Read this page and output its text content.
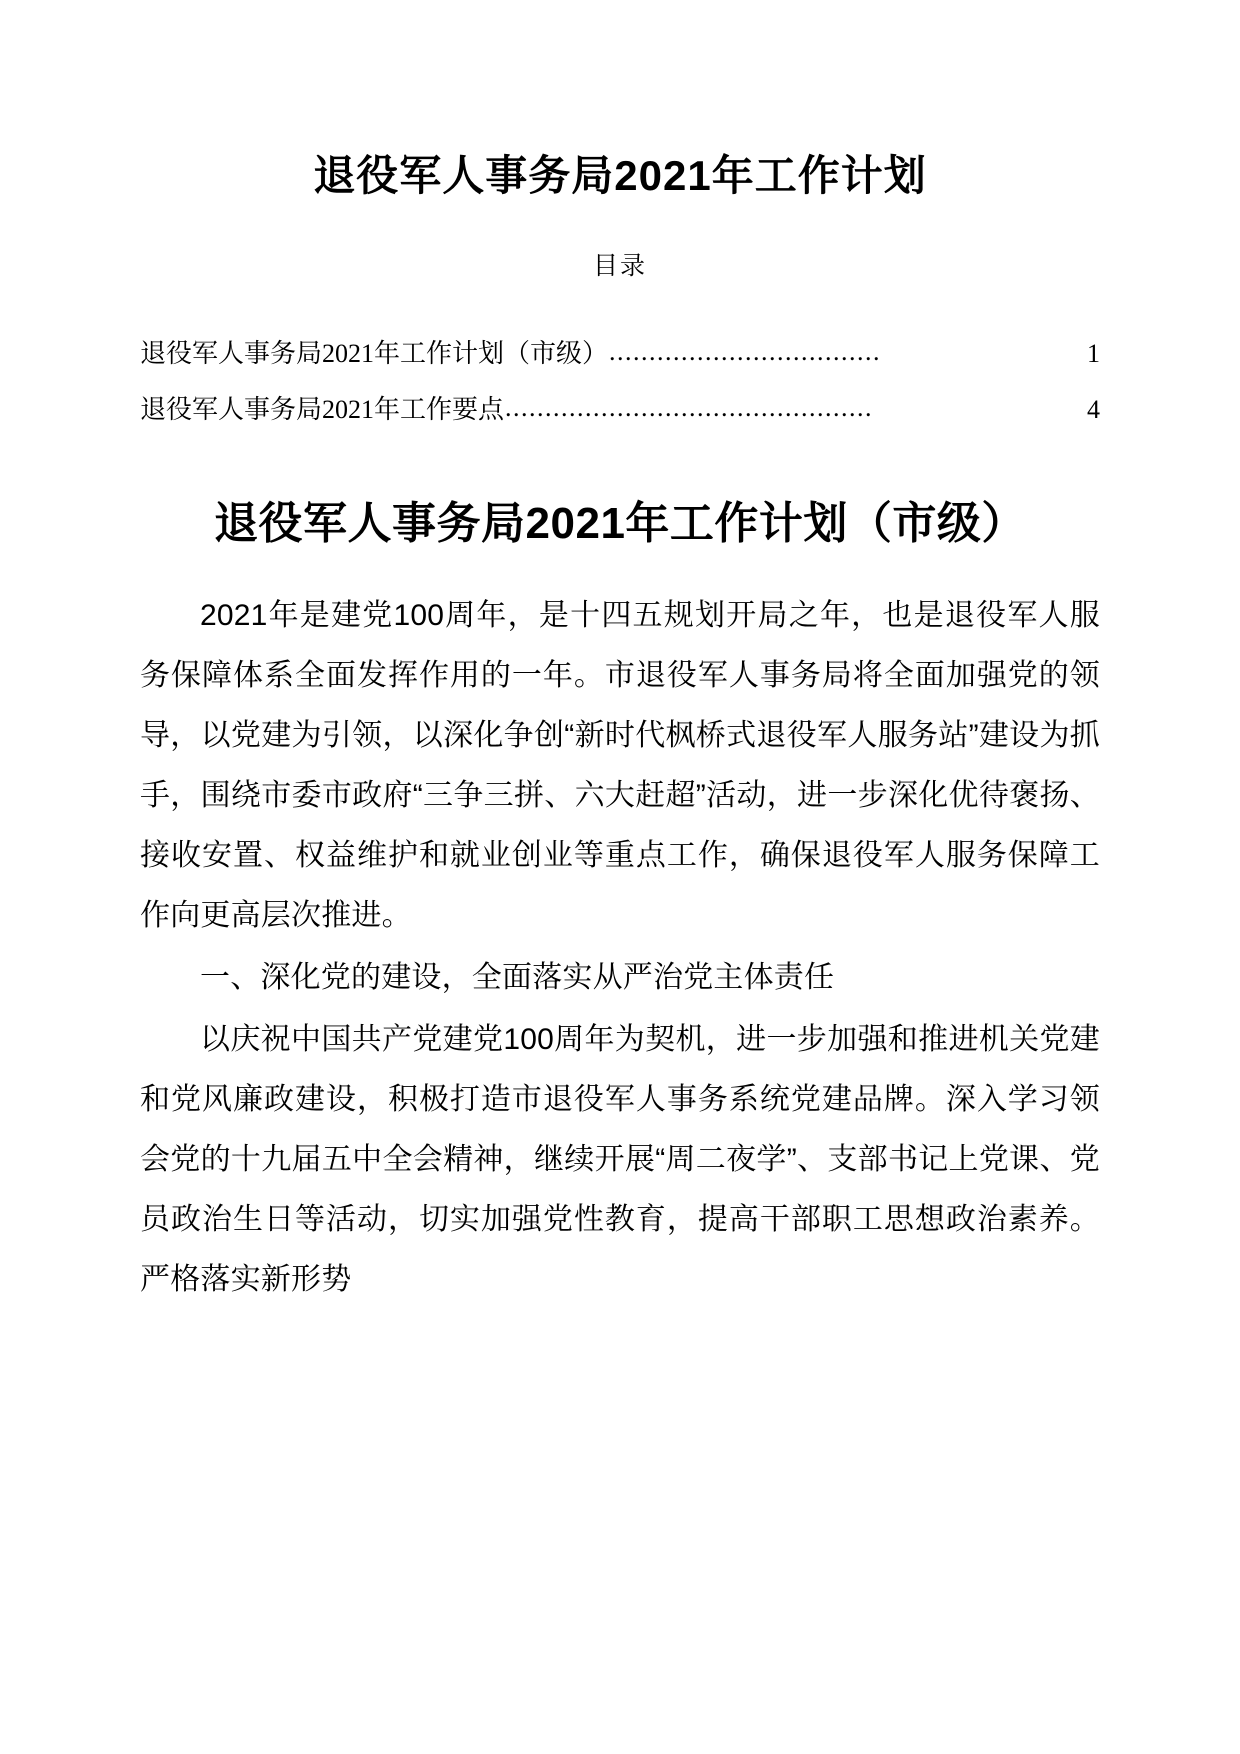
退役军人事务局2021年工作计划
目录
退役军人事务局2021年工作计划（市级） ..................................	1
退役军人事务局2021年工作要点 ..............................................	4
退役军人事务局2021年工作计划（市级）

2021年是建党100周年，是十四五规划开局之年，也是退役军人服务保障体系全面发挥作用的一年。市退役军人事务局将全面加强党的领导，以党建为引领，以深化争创“新时代枫桥式退役军人服务站”建设为抓手，围绕市委市政府“三争三拼、六大赶超”活动，进一步深化优待褒扬、接收安置、权益维护和就业创业等重点工作，确保退役军人服务保障工作向更高层次推进。

一、深化党的建设，全面落实从严治党主体责任

以庆祝中国共产党建党100周年为契机，进一步加强和推进机关党建和党风廉政建设，积极打造市退役军人事务系统党建品牌。深入学习领会党的十九届五中全会精神，继续开展“周二夜学”、支部书记上党课、党员政治生日等活动，切实加强党性教育，提高干部职工思想政治素养。严格落实新形势
